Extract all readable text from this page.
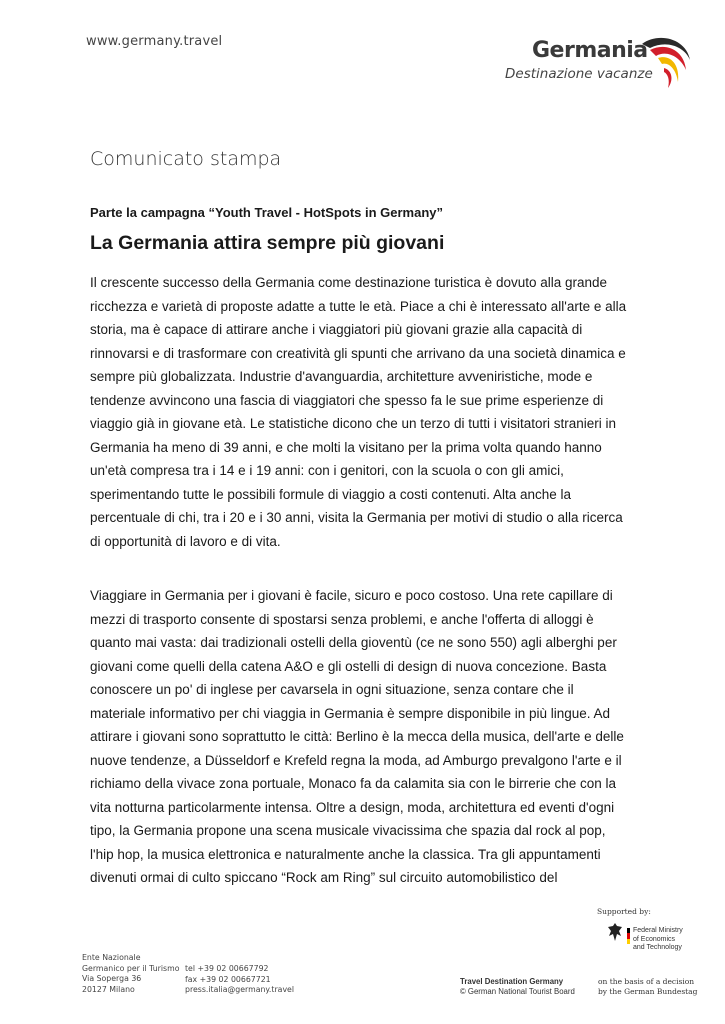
www.germany.travel	Germania
Destinazione vacanze
Comunicato stampa
Parte la campagna “Youth Travel - HotSpots in Germany”
La Germania attira sempre più giovani

Il crescente successo della Germania come destinazione turistica è dovuto alla grande ricchezza e varietà di proposte adatte a tutte le età. Piace a chi è interessato all'arte e alla storia, ma è capace di attirare anche i viaggiatori più giovani grazie alla capacità di rinnovarsi e di trasformare con creatività gli spunti che arrivano da una società dinamica e sempre più globalizzata. Industrie d'avanguardia, architetture avveniristiche, mode e tendenze avvincono una fascia di viaggiatori che spesso fa le sue prime esperienze di viaggio già in giovane età. Le statistiche dicono che un terzo di tutti i visitatori stranieri in Germania ha meno di 39 anni, e che molti la visitano per la prima volta quando hanno un'età compresa tra i 14 e i 19 anni: con i genitori, con la scuola o con gli amici, sperimentando tutte le possibili formule di viaggio a costi contenuti. Alta anche la percentuale di chi, tra i 20 e i 30 anni, visita la Germania per motivi di studio o alla ricerca di opportunità di lavoro e di vita.

Viaggiare in Germania per i giovani è facile, sicuro e poco costoso. Una rete capillare di mezzi di trasporto consente di spostarsi senza problemi, e anche l'offerta di alloggi è quanto mai vasta: dai tradizionali ostelli della gioventù (ce ne sono 550) agli alberghi per giovani come quelli della catena A&O e gli ostelli di design di nuova concezione. Basta conoscere un po' di inglese per cavarsela in ogni situazione, senza contare che il materiale informativo per chi viaggia in Germania è sempre disponibile in più lingue. Ad attirare i giovani sono soprattutto le città: Berlino è la mecca della musica, dell'arte e delle nuove tendenze, a Düsseldorf e Krefeld regna la moda, ad Amburgo prevalgono l'arte e il richiamo della vivace zona portuale, Monaco fa da calamita sia con le birrerie che con la vita notturna particolarmente intensa. Oltre a design, moda, architettura ed eventi d'ogni tipo, la Germania propone una scena musicale vivacissima che spazia dal rock al pop, l'hip hop, la musica elettronica e naturalmente anche la classica. Tra gli appuntamenti divenuti ormai di culto spiccano “Rock am Ring” sul circuito automobilistico del

Supported by:
Federal Ministry
of Economics
and Technology
Ente Nazionale
Germanico per il Turismo
Via Soperga 36
20127 Milano
tel +39 02 00667792
fax +39 02 00667721
press.italia@germany.travel
Travel Destination Germany
© German National Tourist Board
on the basis of a decision
by the German Bundestag
